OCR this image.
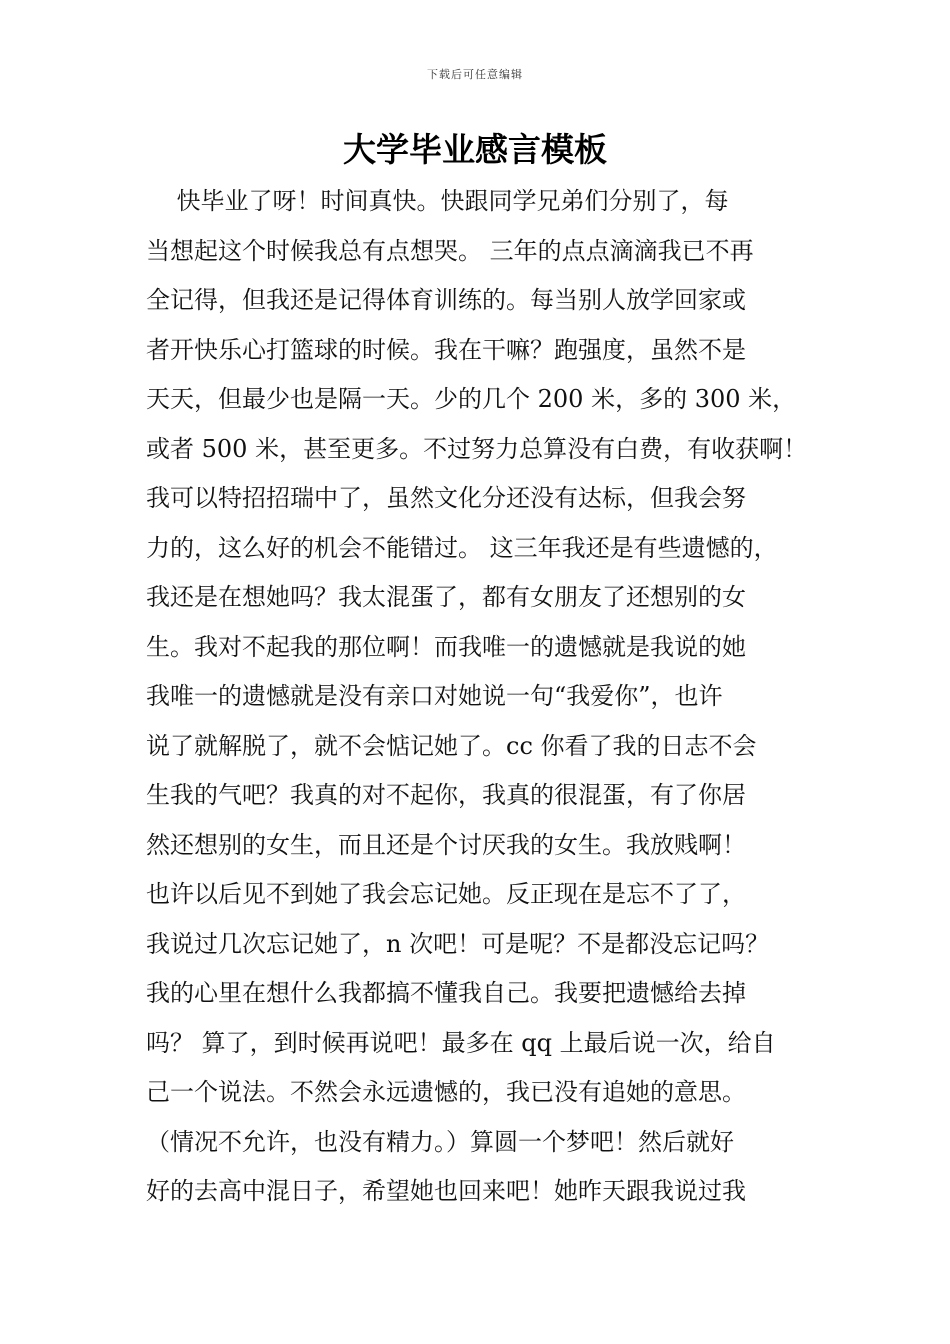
下载后可任意编辑
大学毕业感言模板
快毕业了呀！时间真快。快跟同学兄弟们分别了，每
当想起这个时候我总有点想哭。 三年的点点滴滴我已不再
全记得，但我还是记得体育训练的。每当别人放学回家或
者开快乐心打篮球的时候。我在干嘛？跑强度，虽然不是
天天，但最少也是隔一天。少的几个 200 米，多的 300 米，
或者 500 米，甚至更多。不过努力总算没有白费，有收获啊！
我可以特招招瑞中了，虽然文化分还没有达标，但我会努
力的，这么好的机会不能错过。 这三年我还是有些遗憾的，
我还是在想她吗？我太混蛋了，都有女朋友了还想别的女
生。我对不起我的那位啊！而我唯一的遗憾就是我说的她
我唯一的遗憾就是没有亲口对她说一句“我爱你”，也许
说了就解脱了，就不会惦记她了。cc 你看了我的日志不会
生我的气吧？我真的对不起你，我真的很混蛋，有了你居
然还想别的女生，而且还是个讨厌我的女生。我放贱啊！
也许以后见不到她了我会忘记她。反正现在是忘不了了，
我说过几次忘记她了，n 次吧！可是呢？不是都没忘记吗？
我的心里在想什么我都搞不懂我自己。我要把遗憾给去掉
吗？ 算了，到时候再说吧！最多在 qq 上最后说一次，给自
己一个说法。不然会永远遗憾的，我已没有追她的意思。
（情况不允许，也没有精力。）算圆一个梦吧！然后就好
好的去高中混日子，希望她也回来吧！她昨天跟我说过我
